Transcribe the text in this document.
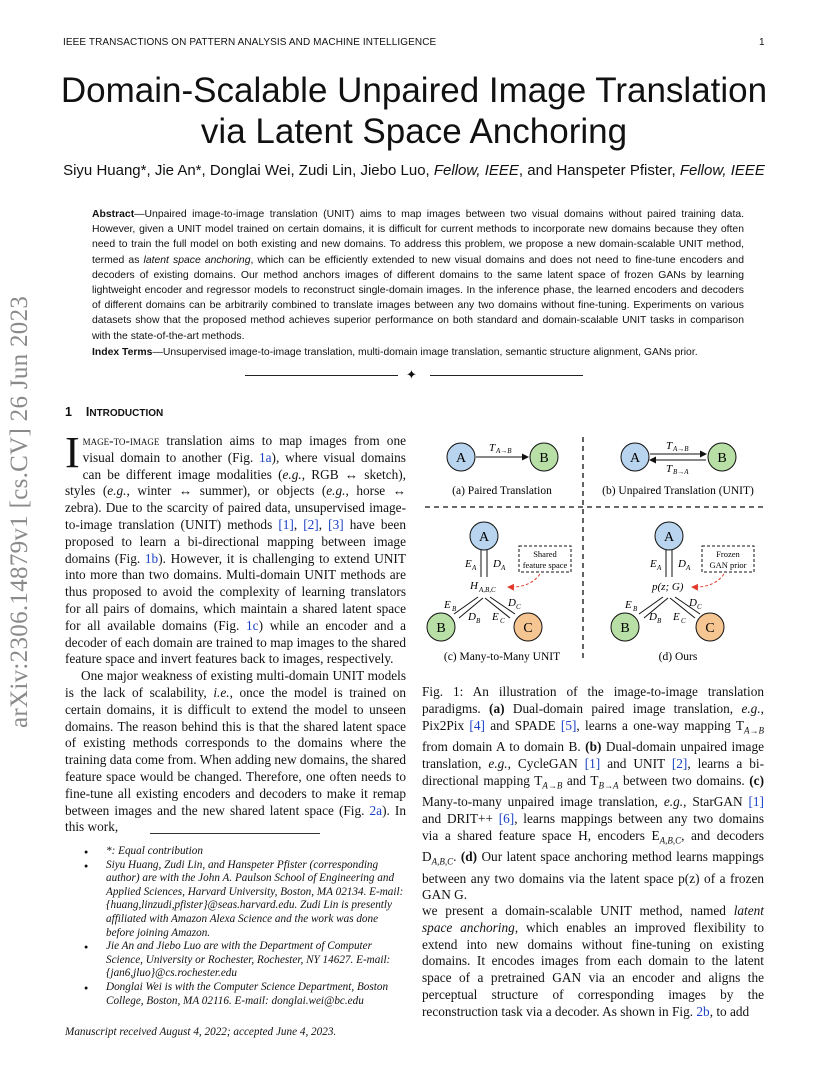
IEEE TRANSACTIONS ON PATTERN ANALYSIS AND MACHINE INTELLIGENCE	1
Domain-Scalable Unpaired Image Translation
via Latent Space Anchoring
Siyu Huang*, Jie An*, Donglai Wei, Zudi Lin, Jiebo Luo, Fellow, IEEE, and Hanspeter Pfister, Fellow, IEEE
Abstract—Unpaired image-to-image translation (UNIT) aims to map images between two visual domains without paired training data. However, given a UNIT model trained on certain domains, it is difficult for current methods to incorporate new domains because they often need to train the full model on both existing and new domains. To address this problem, we propose a new domain-scalable UNIT method, termed as latent space anchoring, which can be efficiently extended to new visual domains and does not need to fine-tune encoders and decoders of existing domains. Our method anchors images of different domains to the same latent space of frozen GANs by learning lightweight encoder and regressor models to reconstruct single-domain images. In the inference phase, the learned encoders and decoders of different domains can be arbitrarily combined to translate images between any two domains without fine-tuning. Experiments on various datasets show that the proposed method achieves superior performance on both standard and domain-scalable UNIT tasks in comparison with the state-of-the-art methods.
Index Terms—Unsupervised image-to-image translation, multi-domain image translation, semantic structure alignment, GANs prior.
✦
arXiv:2306.14879v1 [cs.CV] 26 Jun 2023	1 INTRODUCTION

Image-to-image translation aims to map images from one visual domain to another (Fig. 1a), where visual domains can be different image modalities (e.g., RGB ↔ sketch), styles (e.g., winter ↔ summer), or objects (e.g., horse ↔ zebra). Due to the scarcity of paired data, unsupervised image-to-image translation (UNIT) methods [1], [2], [3] have been proposed to learn a bi-directional mapping between image domains (Fig. 1b). However, it is challenging to extend UNIT into more than two domains. Multi-domain UNIT methods are thus proposed to avoid the complexity of learning translators for all pairs of domains, which maintain a shared latent space for all available domains (Fig. 1c) while an encoder and a decoder of each domain are trained to map images to the shared feature space and invert features back to images, respectively.

One major weakness of existing multi-domain UNIT models is the lack of scalability, i.e., once the model is trained on certain domains, it is difficult to extend the model to unseen domains. The reason behind this is that the shared latent space of existing methods corresponds to the domains where the training data come from. When adding new domains, the shared feature space would be changed. Therefore, one often needs to fine-tune all existing encoders and decoders to make it remap between images and the new shared latent space (Fig. 2a). In this work,

● *: Equal contribution
● Siyu Huang, Zudi Lin, and Hanspeter Pfister (corresponding author) are with the John A. Paulson School of Engineering and Applied Sciences, Harvard University, Boston, MA 02134. E-mail: {huang,linzudi,pfister}@seas.harvard.edu. Zudi Lin is presently affiliated with Amazon Alexa Science and the work was done before joining Amazon.
● Jie An and Jiebo Luo are with the Department of Computer Science, University or Rochester, Rochester, NY 14627. E-mail: {jan6,jluo}@cs.rochester.edu
● Donglai Wei is with the Computer Science Department, Boston College, Boston, MA 02116. E-mail: donglai.wei@bc.edu
Manuscript received August 4, 2022; accepted June 4, 2023.
A	B
T A→B
(a) Paired Translation
A	B
T A→B
T B→A
(b) Unpaired Translation (UNIT)
A
E A D A
H A,B,C
Shared
feature space
E B
D B E C
D C
B	C
(c) Many-to-Many UNIT
A
E A D A
p(z; G)
Frozen
GAN prior
E B
D B E C
D C
B	C
(d) Ours
Fig. 1: An illustration of the image-to-image translation paradigms. (a) Dual-domain paired image translation, e.g., Pix2Pix [4] and SPADE [5], learns a one-way mapping $T_{A\to B}$ from domain A to domain B. (b) Dual-domain unpaired image translation, e.g., CycleGAN [1] and UNIT [2], learns a bi-directional mapping $T_{A\to B}$ and $T_{B\to A}$ between two domains. (c) Many-to-many unpaired image translation, e.g., StarGAN [1] and DRIT++ [6], learns mappings between any two domains via a shared feature space H, encoders $E_{A,B,C}$, and decoders $D_{A,B,C}$. (d) Our latent space anchoring method learns mappings between any two domains via the latent space p(z) of a frozen GAN G.
we present a domain-scalable UNIT method, named latent space anchoring, which enables an improved flexibility to extend into new domains without fine-tuning on existing domains. It encodes images from each domain to the latent space of a pretrained GAN via an encoder and aligns the perceptual structure of corresponding images by the reconstruction task via a decoder. As shown in Fig. 2b, to add
